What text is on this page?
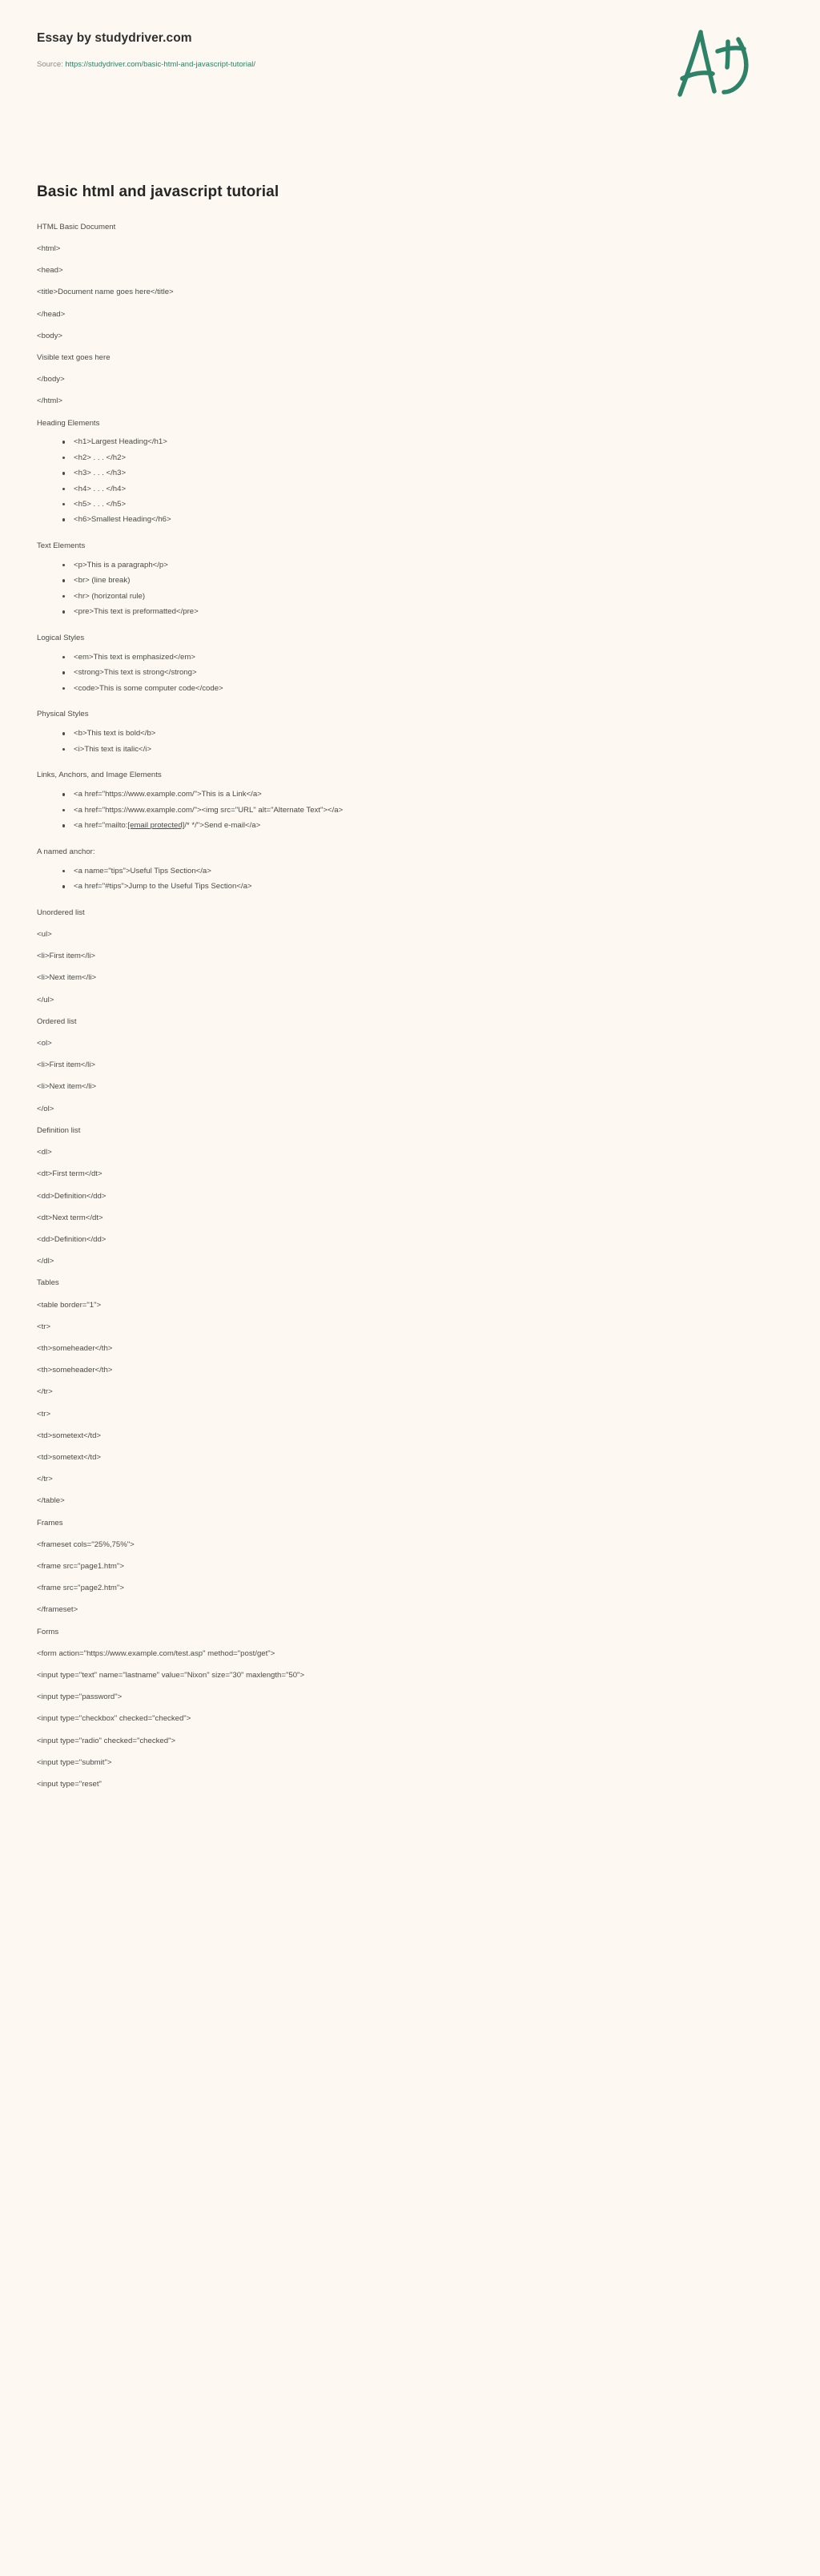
Essay by studydriver.com
Source: https://studydriver.com/basic-html-and-javascript-tutorial/
Basic html and javascript tutorial

HTML Basic Document

<html>

<head>

<title>Document name goes here</title>

</head>

<body>

Visible text goes here

</body>

</html>

Heading Elements

<h1>Largest Heading</h1>
<h2> . . . </h2>
<h3> . . . </h3>
<h4> . . . </h4>
<h5> . . . </h5>
<h6>Smallest Heading</h6>

Text Elements

<p>This is a paragraph</p>
<br> (line break)
<hr> (horizontal rule)
<pre>This text is preformatted</pre>

Logical Styles

<em>This text is emphasized</em>
<strong>This text is strong</strong>
<code>This is some computer code</code>

Physical Styles

<b>This text is bold</b>
<i>This text is italic</i>

Links, Anchors, and Image Elements

<a href="https://www.example.com/">This is a Link</a>
<a href="https://www.example.com/"><img src="URL" alt="Alternate Text"></a>
<a href="mailto:[email protected]/* */">Send e-mail</a>

A named anchor:

<a name="tips">Useful Tips Section</a>
<a href="#tips">Jump to the Useful Tips Section</a>

Unordered list

<ul>

<li>First item</li>

<li>Next item</li>

</ul>

Ordered list

<ol>

<li>First item</li>

<li>Next item</li>

</ol>

Definition list

<dl>

<dt>First term</dt>

<dd>Definition</dd>

<dt>Next term</dt>

<dd>Definition</dd>

</dl>

Tables

<table border="1">

<tr>

<th>someheader</th>

<th>someheader</th>

</tr>

<tr>

<td>sometext</td>

<td>sometext</td>

</tr>

</table>

Frames

<frameset cols="25%,75%">

<frame src="page1.htm">

<frame src="page2.htm">

</frameset>

Forms

<form action="https://www.example.com/test.asp" method="post/get">

<input type="text" name="lastname" value="Nixon" size="30" maxlength="50">

<input type="password">

<input type="checkbox" checked="checked">

<input type="radio" checked="checked">

<input type="submit">

<input type="reset"
